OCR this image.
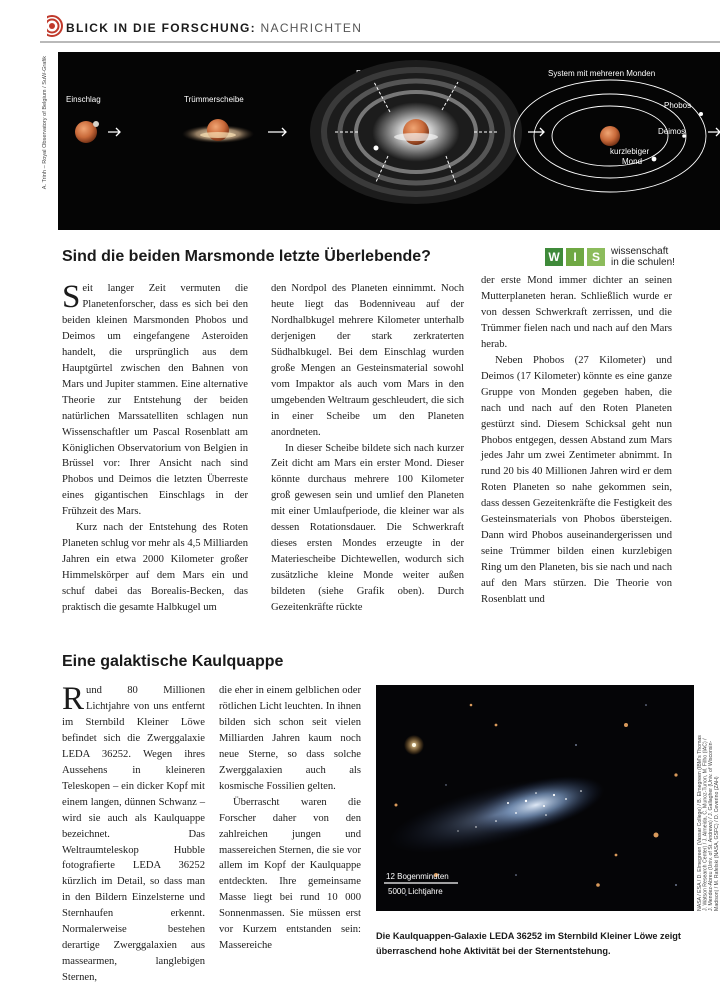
BLICK IN DIE FORSCHUNG: NACHRICHTEN
A. Trinh – Royal Observatory of Belgium / SuW-Grafik Einschlag	Trümmerscheibe
System mit mehreren Monden
Phobos
Deimos
kurzlebiger
Mond
Sind die beiden Marsmonde letzte Überlebende?	W	I	S	wissenschaft
in die schulen!

Seit langer Zeit vermuten die Planetenforscher, dass es sich bei den beiden kleinen Marsmonden Phobos und Deimos um eingefangene Asteroiden handelt, die ursprünglich aus dem Hauptgürtel zwischen den Bahnen von Mars und Jupiter stammen. Eine alternative Theorie zur Entstehung der beiden natürlichen Marssatelliten schlagen nun Wissenschaftler um Pascal Rosenblatt am Königlichen Observatorium von Belgien in Brüssel vor: Ihrer Ansicht nach sind Phobos und Deimos die letzten Überreste eines gigantischen Einschlags in der Frühzeit des Mars.

Kurz nach der Entstehung des Roten Planeten schlug vor mehr als 4,5 Milliarden Jahren ein etwa 2000 Kilometer großer Himmelskörper auf dem Mars ein und schuf dabei das Borealis-Becken, das praktisch die gesamte Halbkugel um

den Nordpol des Planeten einnimmt. Noch heute liegt das Bodenniveau auf der Nordhalbkugel mehrere Kilometer unterhalb derjenigen der stark zerkraterten Südhalbkugel. Bei dem Einschlag wurden große Mengen an Gesteinsmaterial sowohl vom Impaktor als auch vom Mars in den umgebenden Weltraum geschleudert, die sich in einer Scheibe um den Planeten anordneten.

In dieser Scheibe bildete sich nach kurzer Zeit dicht am Mars ein erster Mond. Dieser könnte durchaus mehrere 100 Kilometer groß gewesen sein und umlief den Planeten mit einer Umlaufperiode, die kleiner war als dessen Rotationsdauer. Die Schwerkraft dieses ersten Mondes erzeugte in der Materiescheibe Dichtewellen, wodurch sich zusätzliche kleine Monde weiter außen bildeten (siehe Grafik oben). Durch Gezeitenkräfte rückte

der erste Mond immer dichter an seinen Mutterplaneten heran. Schließlich wurde er von dessen Schwerkraft zerrissen, und die Trümmer fielen nach und nach auf den Mars herab.

Neben Phobos (27 Kilometer) und Deimos (17 Kilometer) könnte es eine ganze Gruppe von Monden gegeben haben, die nach und nach auf den Roten Planeten gestürzt sind. Diesem Schicksal geht nun Phobos entgegen, dessen Abstand zum Mars jedes Jahr um zwei Zentimeter abnimmt. In rund 20 bis 40 Millionen Jahren wird er dem Roten Planeten so nahe gekommen sein, dass dessen Gezeitenkräfte die Festigkeit des Gesteinsmaterials von Phobos übersteigen. Dann wird Phobos auseinandergerissen und seine Trümmer bilden einen kurzlebigen Ring um den Planeten, bis sie nach und nach auf den Mars stürzen. Die Theorie von Rosenblatt und

Eine galaktische Kaulquappe

Rund 80 Millionen Lichtjahre von uns entfernt im Sternbild Kleiner Löwe befindet sich die Zwerggalaxie LEDA 36252. Wegen ihres Aussehens in kleineren Teleskopen – ein dicker Kopf mit einem langen, dünnen Schwanz – wird sie auch als Kaulquappe bezeichnet. Das Weltraumteleskop Hubble fotografierte LEDA 36252 kürzlich im Detail, so dass man in den Bildern Einzelsterne und Sternhaufen erkennt. Normalerweise bestehen derartige Zwerggalaxien aus massearmen, langlebigen Sternen,

die eher in einem gelblichen oder rötlichen Licht leuchten. In ihnen bilden sich schon seit vielen Milliarden Jahren kaum noch neue Sterne, so dass solche Zwerggalaxien auch als kosmische Fossilien gelten.

Überrascht waren die Forscher daher von den zahlreichen jungen und massereichen Sternen, die sie vor allem im Kopf der Kaulquappe entdeckten. Ihre gemeinsame Masse liegt bei rund 10 000 Sonnenmassen. Sie müssen erst vor Kurzem entstanden sein: Massereiche

12 Bogenminuten
5000 Lichtjahre	NASA / ESA / D. Elmegreen (Vassar College) / B. Elmegreen (IBM’s Thomas J. Watson Research Center) / J. Almeida, C. Munoz-Tunon, M. Filho (IAC) / J. Mendez-Abreu (Univ. of St. Andrews) / J. Gallagher (Univ. of Wisconsin- Madison) / M. Rafelski (NASA, GSFC) / D. Ceverino (ZAH)
Die Kaulquappen-Galaxie LEDA 36252 im Sternbild Kleiner Löwe zeigt überraschend hohe Aktivität bei der Sternentstehung.
